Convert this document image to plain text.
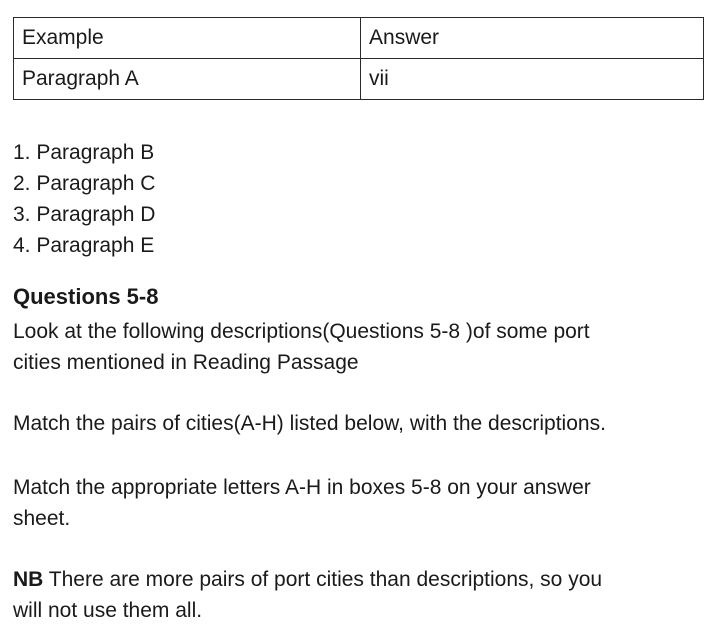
Example	Answer
Paragraph A	vii
1. Paragraph B
2. Paragraph C
3. Paragraph D
4. Paragraph E
Questions 5-8

Look at the following descriptions(Questions 5-8 )of some port
cities mentioned in Reading Passage

Match the pairs of cities(A-H) listed below, with the descriptions.

Match the appropriate letters A-H in boxes 5-8 on your answer
sheet.

NB There are more pairs of port cities than descriptions, so you
will not use them all.
